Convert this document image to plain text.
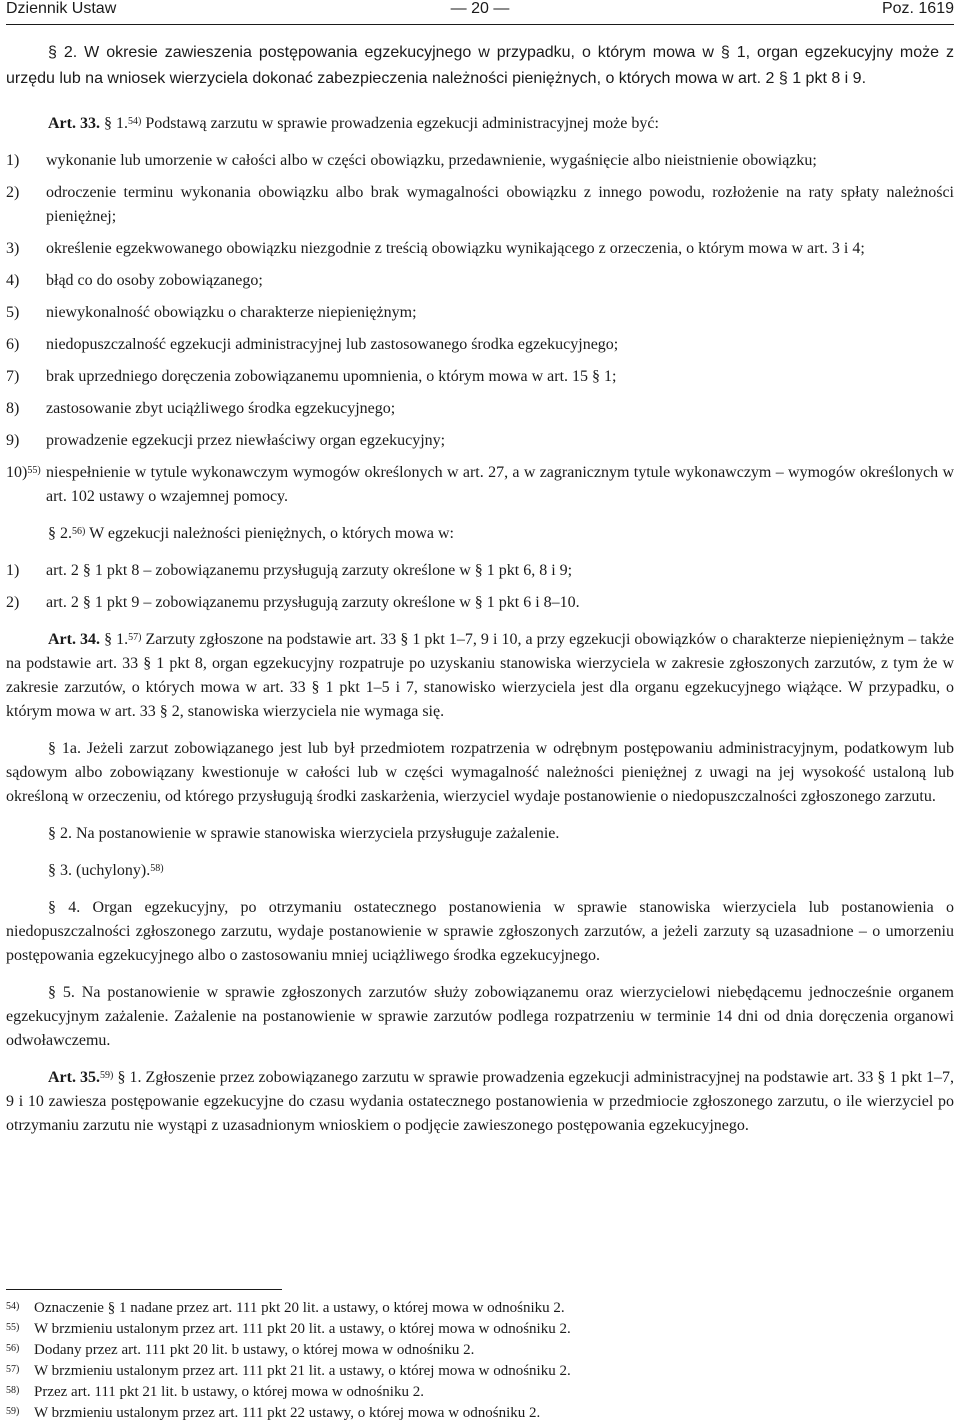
Dziennik Ustaw	— 20 —	Poz. 1619

§ 2. W okresie zawieszenia postępowania egzekucyjnego w przypadku, o którym mowa w § 1, organ egzekucyjny może z urzędu lub na wniosek wierzyciela dokonać zabezpieczenia należności pieniężnych, o których mowa w art. 2 § 1 pkt 8 i 9.

Art. 33. § 1.$^{54)}$ Podstawą zarzutu w sprawie prowadzenia egzekucji administracyjnej może być:

1) wykonanie lub umorzenie w całości albo w części obowiązku, przedawnienie, wygaśnięcie albo nieistnienie obowiązku;
2) odroczenie terminu wykonania obowiązku albo brak wymagalności obowiązku z innego powodu, rozłożenie na raty spłaty należności pieniężnej;
3) określenie egzekwowanego obowiązku niezgodnie z treścią obowiązku wynikającego z orzeczenia, o którym mowa w art. 3 i 4;
4) błąd co do osoby zobowiązanego;
5) niewykonalność obowiązku o charakterze niepieniężnym;
6) niedopuszczalność egzekucji administracyjnej lub zastosowanego środka egzekucyjnego;
7) brak uprzedniego doręczenia zobowiązanemu upomnienia, o którym mowa w art. 15 § 1;
8) zastosowanie zbyt uciążliwego środka egzekucyjnego;
9) prowadzenie egzekucji przez niewłaściwy organ egzekucyjny;
10)$^{55)}$ niespełnienie w tytule wykonawczym wymogów określonych w art. 27, a w zagranicznym tytule wykonawczym – wymogów określonych w art. 102 ustawy o wzajemnej pomocy.

§ 2.$^{56)}$ W egzekucji należności pieniężnych, o których mowa w:

1) art. 2 § 1 pkt 8 – zobowiązanemu przysługują zarzuty określone w § 1 pkt 6, 8 i 9;
2) art. 2 § 1 pkt 9 – zobowiązanemu przysługują zarzuty określone w § 1 pkt 6 i 8–10.

Art. 34. § 1.$^{57)}$ Zarzuty zgłoszone na podstawie art. 33 § 1 pkt 1–7, 9 i 10, a przy egzekucji obowiązków o charakterze niepieniężnym – także na podstawie art. 33 § 1 pkt 8, organ egzekucyjny rozpatruje po uzyskaniu stanowiska wierzyciela w zakresie zgłoszonych zarzutów, z tym że w zakresie zarzutów, o których mowa w art. 33 § 1 pkt 1–5 i 7, stanowisko wierzyciela jest dla organu egzekucyjnego wiążące. W przypadku, o którym mowa w art. 33 § 2, stanowiska wierzyciela nie wymaga się.

§ 1a. Jeżeli zarzut zobowiązanego jest lub był przedmiotem rozpatrzenia w odrębnym postępowaniu administracyjnym, podatkowym lub sądowym albo zobowiązany kwestionuje w całości lub w części wymagalność należności pieniężnej z uwagi na jej wysokość ustaloną lub określoną w orzeczeniu, od którego przysługują środki zaskarżenia, wierzyciel wydaje postanowienie o niedopuszczalności zgłoszonego zarzutu.

§ 2. Na postanowienie w sprawie stanowiska wierzyciela przysługuje zażalenie.

§ 3. (uchylony).$^{58)}$

§ 4. Organ egzekucyjny, po otrzymaniu ostatecznego postanowienia w sprawie stanowiska wierzyciela lub postanowienia o niedopuszczalności zgłoszonego zarzutu, wydaje postanowienie w sprawie zgłoszonych zarzutów, a jeżeli zarzuty są uzasadnione – o umorzeniu postępowania egzekucyjnego albo o zastosowaniu mniej uciążliwego środka egzekucyjnego.

§ 5. Na postanowienie w sprawie zgłoszonych zarzutów służy zobowiązanemu oraz wierzycielowi niebędącemu jednocześnie organem egzekucyjnym zażalenie. Zażalenie na postanowienie w sprawie zarzutów podlega rozpatrzeniu w terminie 14 dni od dnia doręczenia organowi odwoławczemu.

Art. 35.$^{59)}$ § 1. Zgłoszenie przez zobowiązanego zarzutu w sprawie prowadzenia egzekucji administracyjnej na podstawie art. 33 § 1 pkt 1–7, 9 i 10 zawiesza postępowanie egzekucyjne do czasu wydania ostatecznego postanowienia w przedmiocie zgłoszonego zarzutu, o ile wierzyciel po otrzymaniu zarzutu nie wystąpi z uzasadnionym wnioskiem o podjęcie zawieszonego postępowania egzekucyjnego.

54) Oznaczenie § 1 nadane przez art. 111 pkt 20 lit. a ustawy, o której mowa w odnośniku 2.
55) W brzmieniu ustalonym przez art. 111 pkt 20 lit. a ustawy, o której mowa w odnośniku 2.
56) Dodany przez art. 111 pkt 20 lit. b ustawy, o której mowa w odnośniku 2.
57) W brzmieniu ustalonym przez art. 111 pkt 21 lit. a ustawy, o której mowa w odnośniku 2.
58) Przez art. 111 pkt 21 lit. b ustawy, o której mowa w odnośniku 2.
59) W brzmieniu ustalonym przez art. 111 pkt 22 ustawy, o której mowa w odnośniku 2.
